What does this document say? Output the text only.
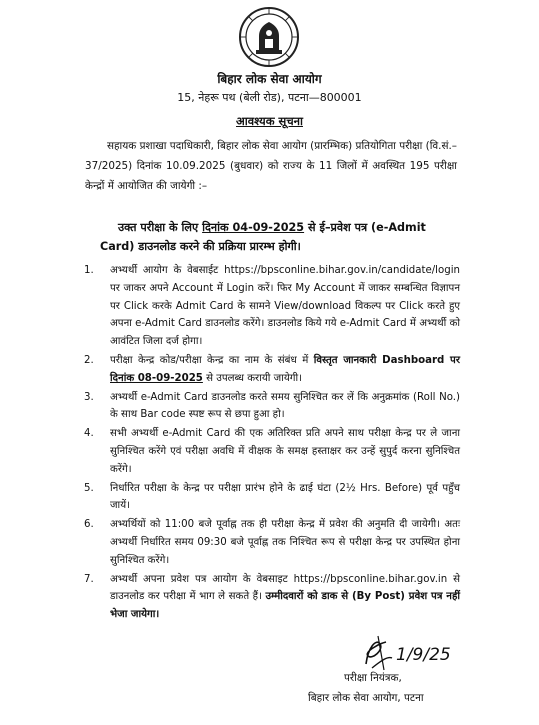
बिहार लोक सेवा आयोग
15, नेहरू पथ (बेली रोड), पटना—800001
आवश्यक सूचना
सहायक प्रशाखा पदाधिकारी, बिहार लोक सेवा आयोग (प्रारम्भिक) प्रतियोगिता परीक्षा (वि.सं.– 37/2025) दिनांक 10.09.2025 (बुधवार) को राज्य के 11 जिलों में अवस्थित 195 परीक्षा केन्द्रों में आयोजित की जायेगी :–
उक्त परीक्षा के लिए दिनांक 04-09-2025 से ई–प्रवेश पत्र (e-Admit Card) डाउनलोड करने की प्रक्रिया प्रारम्भ होगी।
1.	अभ्यर्थी आयोग के वेबसाईट https://bpsconline.bihar.gov.in/candidate/login पर जाकर अपने Account में Login करें। फिर My Account में जाकर सम्बन्धित विज्ञापन पर Click करके Admit Card के सामने View/download विकल्प पर Click करते हुए अपना e-Admit Card डाउनलोड करेंगे। डाउनलोड किये गये e-Admit Card में अभ्यर्थी को आवंटित जिला दर्ज होगा।
2.	परीक्षा केन्द्र कोड/परीक्षा केन्द्र का नाम के संबंध में विस्तृत जानकारी Dashboard पर दिनांक 08-09-2025 से उपलब्ध करायी जायेगी।
3.	अभ्यर्थी e-Admit Card डाउनलोड करते समय सुनिश्चित कर लें कि अनुक्रमांक (Roll No.) के साथ Bar code स्पष्ट रूप से छपा हुआ हो।
4.	सभी अभ्यर्थी e-Admit Card की एक अतिरिक्त प्रति अपने साथ परीक्षा केन्द्र पर ले जाना सुनिश्चित करेंगे एवं परीक्षा अवधि में वीक्षक के समक्ष हस्ताक्षर कर उन्हें सुपुर्द करना सुनिश्चित करेंगे।
5.	निर्धारित परीक्षा के केन्द्र पर परीक्षा प्रारंभ होने के ढाई घंटा (2½ Hrs. Before) पूर्व पहुँच जायें।
6.	अभ्यर्थियों को 11:00 बजे पूर्वाह्न तक ही परीक्षा केन्द्र में प्रवेश की अनुमति दी जायेगी। अतः अभ्यर्थी निर्धारित समय 09:30 बजे पूर्वाह्न तक निश्चित रूप से परीक्षा केन्द्र पर उपस्थित होना सुनिश्चित करेंगे।
7.	अभ्यर्थी अपना प्रवेश पत्र आयोग के वेबसाइट https://bpsconline.bihar.gov.in से डाउनलोड कर परीक्षा में भाग ले सकते हैं। उम्मीदवारों को डाक से (By Post) प्रवेश पत्र नहीं भेजा जायेगा।
1/9/25
परीक्षा नियंत्रक,
बिहार लोक सेवा आयोग, पटना
